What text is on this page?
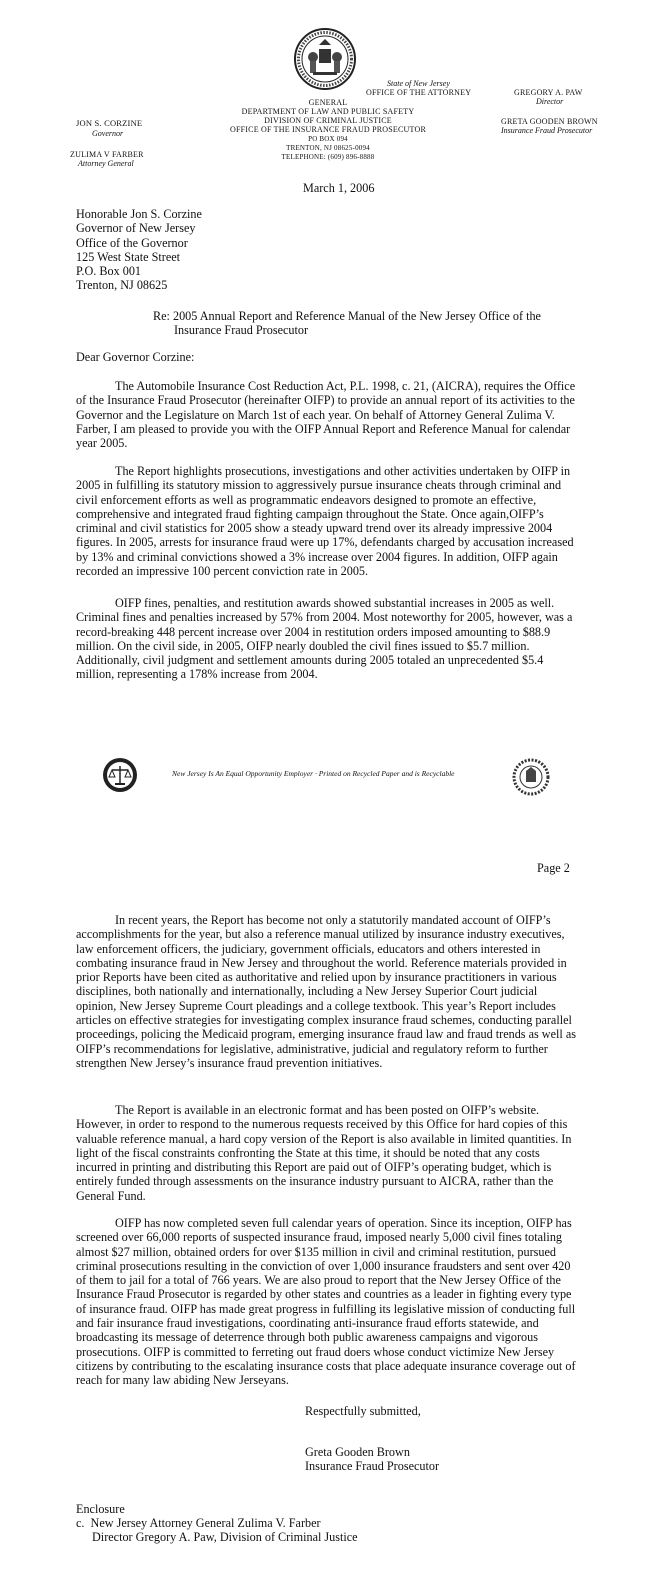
JON S. CORZINE
Governor
ZULIMA V FARBER
Attorney General
State of New Jersey
OFFICE OF THE ATTORNEY
GENERAL
DEPARTMENT OF LAW AND PUBLIC SAFETY
DIVISION OF CRIMINAL JUSTICE
OFFICE OF THE INSURANCE FRAUD PROSECUTOR
PO BOX 094
TRENTON, NJ 08625-0094
TELEPHONE: (609) 896-8888
GREGORY A. PAW
Director
GRETA GOODEN BROWN
Insurance Fraud Prosecutor
March 1, 2006
Honorable Jon S. Corzine
Governor of New Jersey
Office of the Governor
125 West State Street
P.O. Box 001
Trenton, NJ 08625
Re: 2005 Annual Report and Reference Manual of the New Jersey Office of the
Insurance Fraud Prosecutor
Dear Governor Corzine:

The Automobile Insurance Cost Reduction Act, P.L. 1998, c. 21, (AICRA), requires the Office of the Insurance Fraud Prosecutor (hereinafter OIFP) to provide an annual report of its activities to the Governor and the Legislature on March 1st of each year. On behalf of Attorney General Zulima V. Farber, I am pleased to provide you with the OIFP Annual Report and Reference Manual for calendar year 2005.

The Report highlights prosecutions, investigations and other activities undertaken by OIFP in 2005 in fulfilling its statutory mission to aggressively pursue insurance cheats through criminal and civil enforcement efforts as well as programmatic endeavors designed to promote an effective, comprehensive and integrated fraud fighting campaign throughout the State. Once again,OIFP’s criminal and civil statistics for 2005 show a steady upward trend over its already impressive 2004 figures. In 2005, arrests for insurance fraud were up 17%, defendants charged by accusation increased by 13% and criminal convictions showed a 3% increase over 2004 figures. In addition, OIFP again recorded an impressive 100 percent conviction rate in 2005.

OIFP fines, penalties, and restitution awards showed substantial increases in 2005 as well. Criminal fines and penalties increased by 57% from 2004. Most noteworthy for 2005, however, was a record-breaking 448 percent increase over 2004 in restitution orders imposed amounting to $88.9 million. On the civil side, in 2005, OIFP nearly doubled the civil fines issued to $5.7 million. Additionally, civil judgment and settlement amounts during 2005 totaled an unprecedented $5.4 million, representing a 178% increase from 2004.

New Jersey Is An Equal Opportunity Employer · Printed on Recycled Paper and is Recyclable
Page 2

In recent years, the Report has become not only a statutorily mandated account of OIFP’s accomplishments for the year, but also a reference manual utilized by insurance industry executives, law enforcement officers, the judiciary, government officials, educators and others interested in combating insurance fraud in New Jersey and throughout the world. Reference materials provided in prior Reports have been cited as authoritative and relied upon by insurance practitioners in various disciplines, both nationally and internationally, including a New Jersey Superior Court judicial opinion, New Jersey Supreme Court pleadings and a college textbook. This year’s Report includes articles on effective strategies for investigating complex insurance fraud schemes, conducting parallel proceedings, policing the Medicaid program, emerging insurance fraud law and fraud trends as well as OIFP’s recommendations for legislative, administrative, judicial and regulatory reform to further strengthen New Jersey’s insurance fraud prevention initiatives.

The Report is available in an electronic format and has been posted on OIFP’s website. However, in order to respond to the numerous requests received by this Office for hard copies of this valuable reference manual, a hard copy version of the Report is also available in limited quantities. In light of the fiscal constraints confronting the State at this time, it should be noted that any costs incurred in printing and distributing this Report are paid out of OIFP’s operating budget, which is entirely funded through assessments on the insurance industry pursuant to AICRA, rather than the General Fund.

OIFP has now completed seven full calendar years of operation. Since its inception, OIFP has screened over 66,000 reports of suspected insurance fraud, imposed nearly 5,000 civil fines totaling almost $27 million, obtained orders for over $135 million in civil and criminal restitution, pursued criminal prosecutions resulting in the conviction of over 1,000 insurance fraudsters and sent over 420 of them to jail for a total of 766 years. We are also proud to report that the New Jersey Office of the Insurance Fraud Prosecutor is regarded by other states and countries as a leader in fighting every type of insurance fraud. OIFP has made great progress in fulfilling its legislative mission of conducting full and fair insurance fraud investigations, coordinating anti-insurance fraud efforts statewide, and broadcasting its message of deterrence through both public awareness campaigns and vigorous prosecutions. OIFP is committed to ferreting out fraud doers whose conduct victimize New Jersey citizens by contributing to the escalating insurance costs that place adequate insurance coverage out of reach for many law abiding New Jerseyans.

Respectfully submitted,
Greta Gooden Brown
Insurance Fraud Prosecutor
Enclosure
c.  New Jersey Attorney General Zulima V. Farber
Director Gregory A. Paw, Division of Criminal Justice
